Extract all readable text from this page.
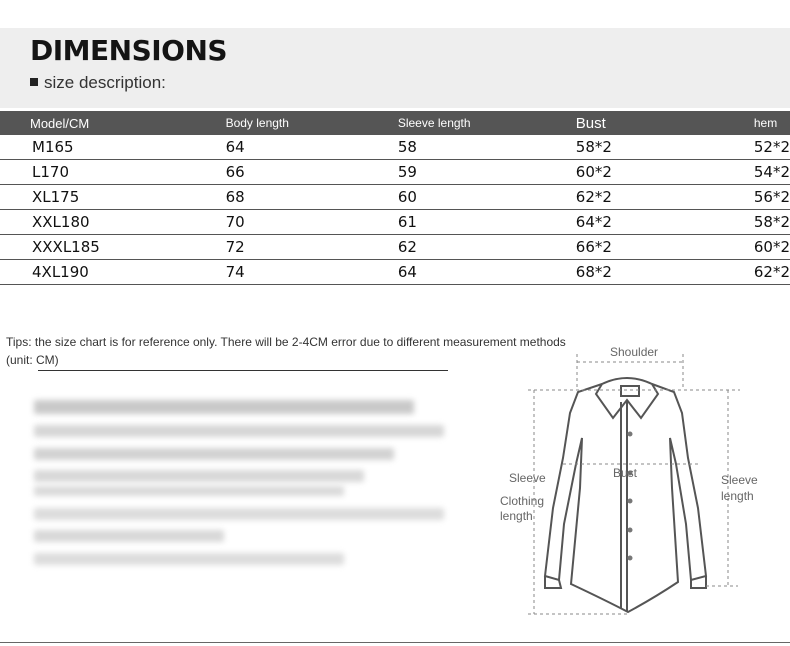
DIMENSIONS
size description:
Model/CM	Body length	Sleeve length	Bust	hem
M165	64	58	58*2	52*2
L170	66	59	60*2	54*2
XL175	68	60	62*2	56*2
XXL180	70	61	64*2	58*2
XXXL185	72	62	66*2	60*2
4XL190	74	64	68*2	62*2
Tips: the size chart is for reference only. There will be 2-4CM error due to different measurement methods
(unit: CM)
Shoulder
Sleeve	Bust
Clothing
length
Sleeve
length
